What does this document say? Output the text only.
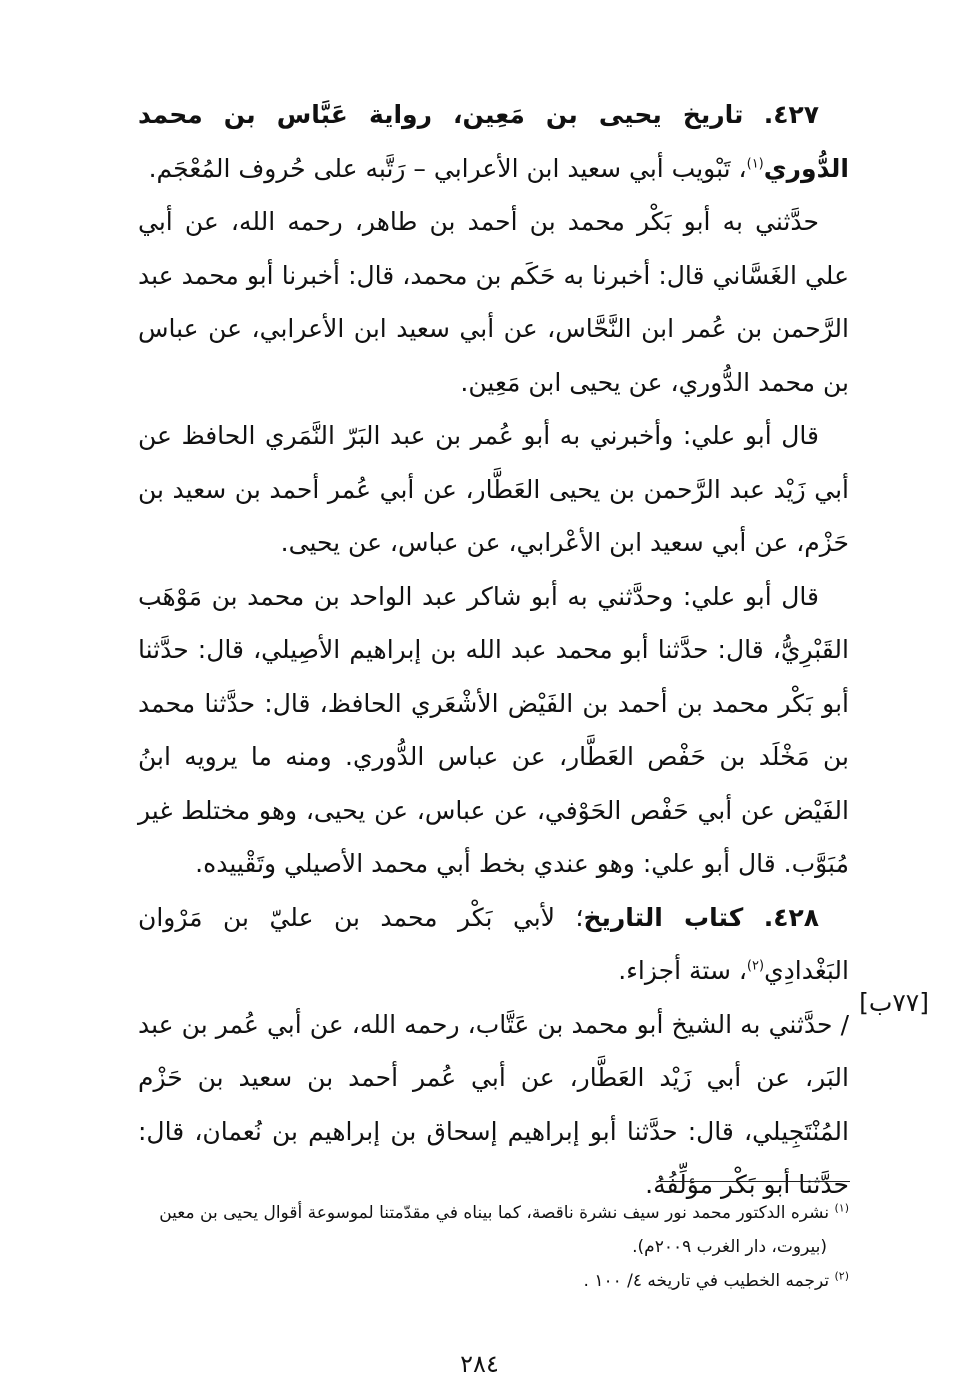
٤٢٧. تاريخ يحيى بن مَعِين، رواية عَبَّاس بن محمد الدُّوري$^{(١)}$، تَبْويب أبي سعيد ابن الأعرابي – رَتَّبه على حُروف المُعْجَم.

حدَّثني به أبو بَكْر محمد بن أحمد بن طاهر، رحمه الله، عن أبي علي الغَسَّاني قال: أخبرنا به حَكَم بن محمد، قال: أخبرنا أبو محمد عبد الرَّحمن بن عُمر ابن النَّحَّاس، عن أبي سعيد ابن الأعرابي، عن عباس بن محمد الدُّوري، عن يحيى ابن مَعِين.

قال أبو علي: وأخبرني به أبو عُمر بن عبد البَرّ النَّمَري الحافظ عن أبي زَيْد عبد الرَّحمن بن يحيى العَطَّار، عن أبي عُمر أحمد بن سعيد بن حَزْم، عن أبي سعيد ابن الأعْرابي، عن عباس، عن يحيى.

قال أبو علي: وحدَّثني به أبو شاكر عبد الواحد بن محمد بن مَوْهَب القَبْرِيُّ، قال: حدَّثنا أبو محمد عبد الله بن إبراهيم الأصِيلي، قال: حدَّثنا أبو بَكْر محمد بن أحمد بن الفَيْض الأشْعَري الحافظ، قال: حدَّثنا محمد بن مَخْلَد بن حَفْص العَطَّار، عن عباس الدُّوري. ومنه ما يرويه ابنُ الفَيْض عن أبي حَفْص الحَوْفي، عن عباس، عن يحيى، وهو مختلط غير مُبَوَّب. قال أبو علي: وهو عندي بخط أبي محمد الأصيلي وتَقْييده.

٤٢٨. كتاب التاريخ؛ لأبي بَكْر محمد بن عليّ بن مَرْوان البَغْدادِي$^{(٢)}$، ستة أجزاء.

/ حدَّثني به الشيخ أبو محمد بن عَتَّاب، رحمه الله، عن أبي عُمر بن عبد البَر، عن أبي زَيْد العَطَّار، عن أبي عُمر أحمد بن سعيد بن حَزْم المُنْتَجِيلي، قال: حدَّثنا أبو إبراهيم إسحاق بن إبراهيم بن نُعمان، قال: حدَّثنا أبو بَكْر مؤلِّفُهُ.

[٧٧ب]

$^{(١)}$ نشره الدكتور محمد نور سيف نشرة ناقصة، كما بيناه في مقدّمتنا لموسوعة أقوال يحيى بن معين

(بيروت، دار الغرب ٢٠٠٩م).

$^{(٢)}$ ترجمه الخطيب في تاريخه ٤/ ١٠٠ .

٢٨٤
